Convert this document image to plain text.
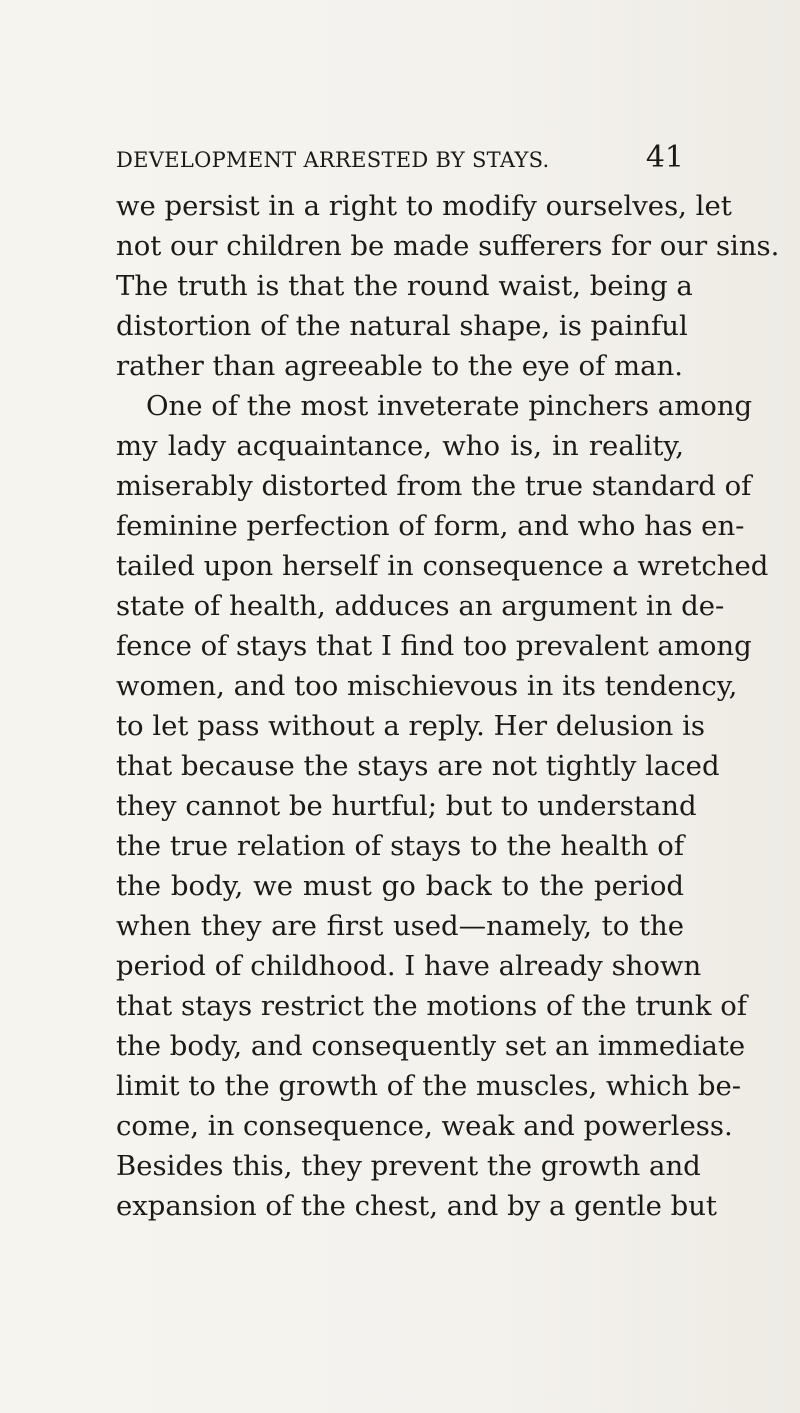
DEVELOPMENT ARRESTED BY STAYS.	41
we persist in a right to modify ourselves, let
not our children be made sufferers for our sins.
The truth is that the round waist, being a
distortion of the natural shape, is painful
rather than agreeable to the eye of man.
One of the most inveterate pinchers among
my lady acquaintance, who is, in reality,
miserably distorted from the true standard of
feminine perfection of form, and who has en-
tailed upon herself in consequence a wretched
state of health, adduces an argument in de-
fence of stays that I find too prevalent among
women, and too mischievous in its tendency,
to let pass without a reply. Her delusion is
that because the stays are not tightly laced
they cannot be hurtful; but to understand
the true relation of stays to the health of
the body, we must go back to the period
when they are first used—namely, to the
period of childhood. I have already shown
that stays restrict the motions of the trunk of
the body, and consequently set an immediate
limit to the growth of the muscles, which be-
come, in consequence, weak and powerless.
Besides this, they prevent the growth and
expansion of the chest, and by a gentle but
